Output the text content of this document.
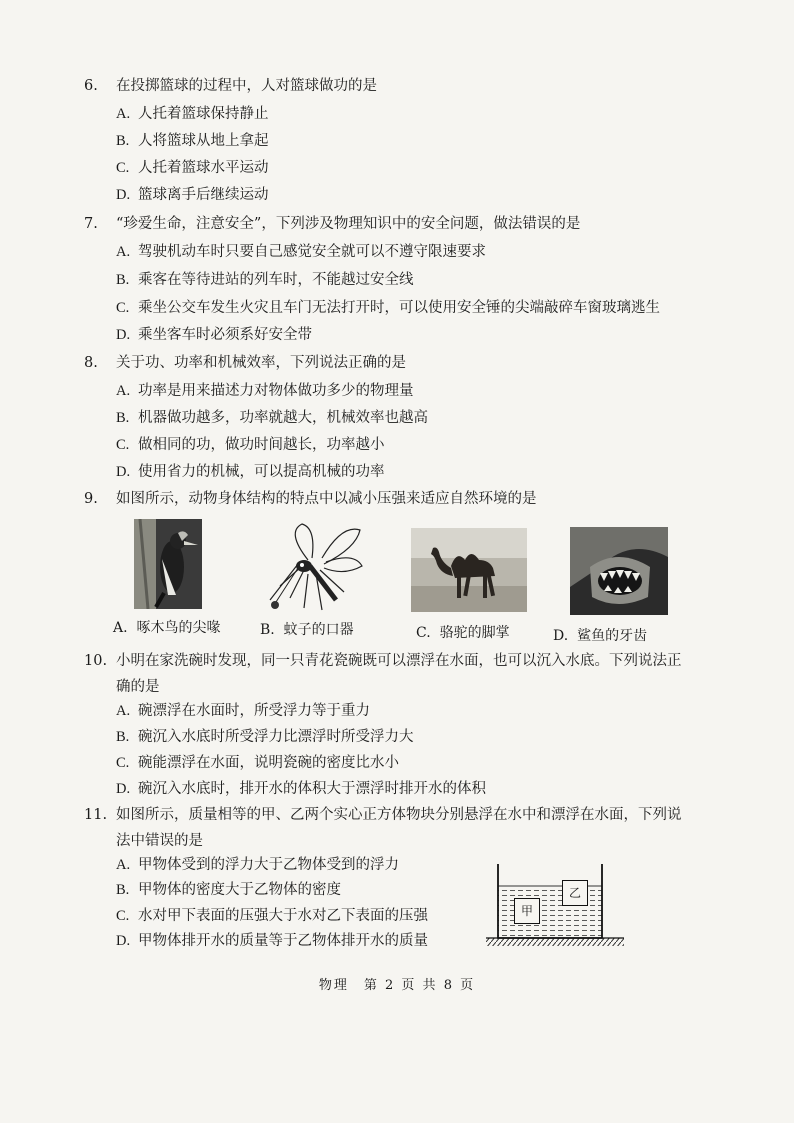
6. 在投掷篮球的过程中，人对篮球做功的是
A. 人托着篮球保持静止
B. 人将篮球从地上拿起
C. 人托着篮球水平运动
D. 篮球离手后继续运动
7. “珍爱生命，注意安全”，下列涉及物理知识中的安全问题，做法错误的是
A. 驾驶机动车时只要自己感觉安全就可以不遵守限速要求
B. 乘客在等待进站的列车时，不能越过安全线
C. 乘坐公交车发生火灾且车门无法打开时，可以使用安全锤的尖端敲碎车窗玻璃逃生
D. 乘坐客车时必须系好安全带
8. 关于功、功率和机械效率，下列说法正确的是
A. 功率是用来描述力对物体做功多少的物理量
B. 机器做功越多，功率就越大，机械效率也越高
C. 做相同的功，做功时间越长，功率越小
D. 使用省力的机械，可以提高机械的功率
9. 如图所示，动物身体结构的特点中以减小压强来适应自然环境的是
A. 啄木鸟的尖喙	B. 蚊子的口器	C. 骆驼的脚掌	D. 鲨鱼的牙齿
10. 小明在家洗碗时发现，同一只青花瓷碗既可以漂浮在水面，也可以沉入水底。下列说法正
确的是
A. 碗漂浮在水面时，所受浮力等于重力
B. 碗沉入水底时所受浮力比漂浮时所受浮力大
C. 碗能漂浮在水面，说明瓷碗的密度比水小
D. 碗沉入水底时，排开水的体积大于漂浮时排开水的体积
11. 如图所示，质量相等的甲、乙两个实心正方体物块分别悬浮在水中和漂浮在水面，下列说
法中错误的是
A. 甲物体受到的浮力大于乙物体受到的浮力
B. 甲物体的密度大于乙物体的密度
C. 水对甲下表面的压强大于水对乙下表面的压强
D. 甲物体排开水的质量等于乙物体排开水的质量
甲
乙
物理　第 2 页 共 8 页
